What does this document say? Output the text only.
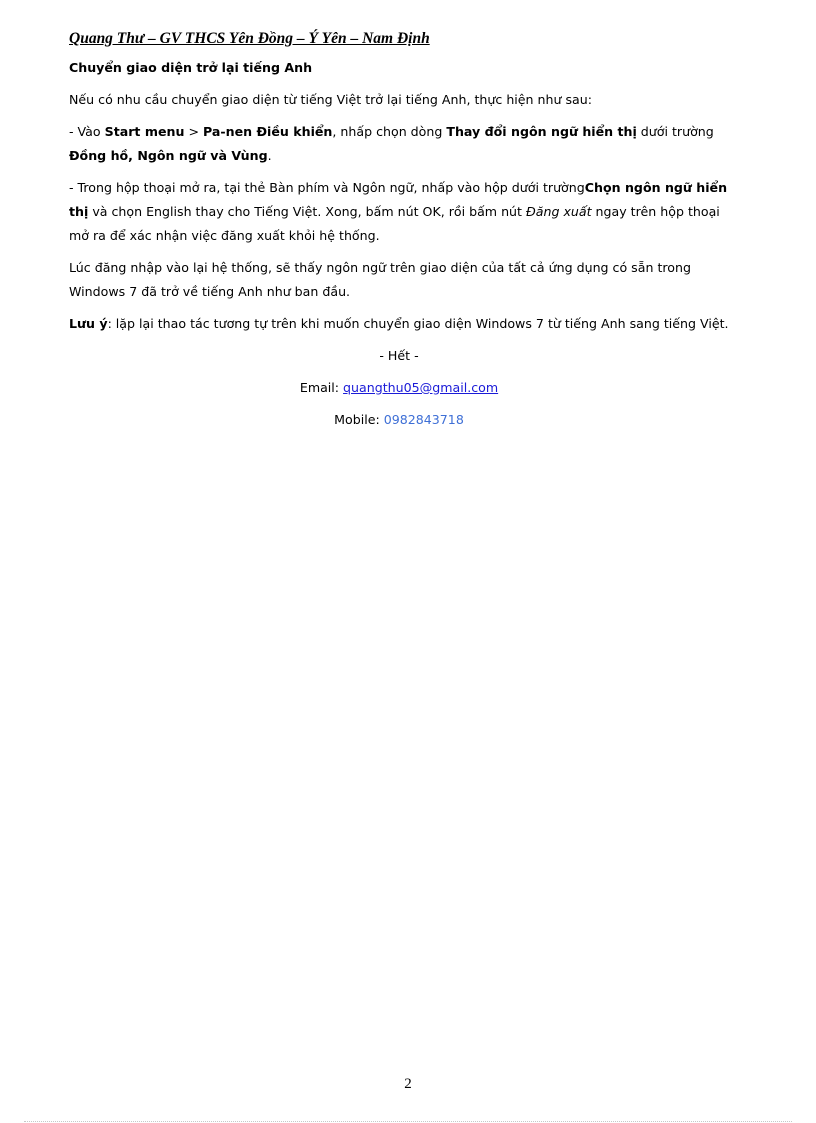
Quang Thư – GV THCS Yên Đồng – Ý Yên – Nam Định

Chuyển giao diện trở lại tiếng Anh

Nếu có nhu cầu chuyển giao diện từ tiếng Việt trở lại tiếng Anh, thực hiện như sau:

- Vào Start menu > Pa-nen Điều khiển, nhấp chọn dòng Thay đổi ngôn ngữ hiển thị dưới trường Đồng hồ, Ngôn ngữ và Vùng.

- Trong hộp thoại mở ra, tại thẻ Bàn phím và Ngôn ngữ, nhấp vào hộp dưới trườngChọn ngôn ngữ hiển thị và chọn English thay cho Tiếng Việt. Xong, bấm nút OK, rồi bấm nút Đăng xuất ngay trên hộp thoại mở ra để xác nhận việc đăng xuất khỏi hệ thống.

Lúc đăng nhập vào lại hệ thống, sẽ thấy ngôn ngữ trên giao diện của tất cả ứng dụng có sẵn trong Windows 7 đã trở về tiếng Anh như ban đầu.

Lưu ý: lặp lại thao tác tương tự trên khi muốn chuyển giao diện Windows 7 từ tiếng Anh sang tiếng Việt.

- Hết -

Email: quangthu05@gmail.com

Mobile: 0982843718

2
